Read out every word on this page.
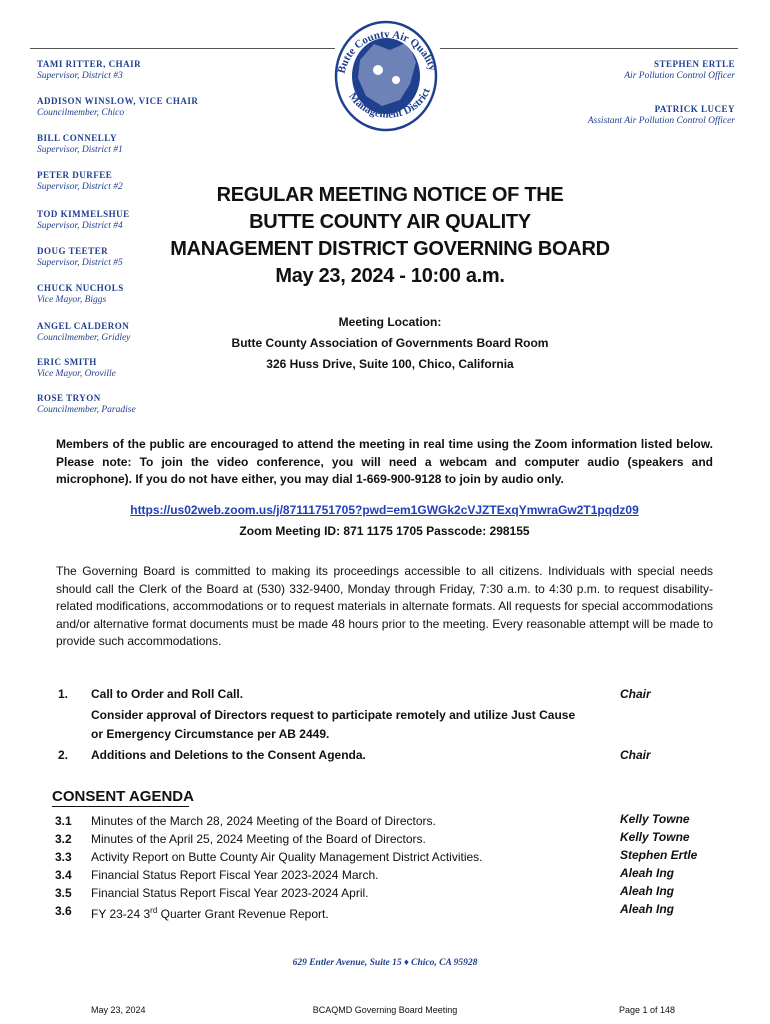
Butte County Air Quality
Management District
TAMI RITTER, CHAIR
Supervisor, District #3
ADDISON WINSLOW, VICE CHAIR
Councilmember, Chico
BILL CONNELLY
Supervisor, District #1
PETER DURFEE
Supervisor, District #2
TOD KIMMELSHUE
Supervisor, District #4
DOUG TEETER
Supervisor, District #5
CHUCK NUCHOLS
Vice Mayor, Biggs
ANGEL CALDERON
Councilmember, Gridley
ERIC SMITH
Vice Mayor, Oroville
ROSE TRYON
Councilmember, Paradise
STEPHEN ERTLE
Air Pollution Control Officer
PATRICK LUCEY
Assistant Air Pollution Control Officer
REGULAR MEETING NOTICE OF THE
BUTTE COUNTY AIR QUALITY
MANAGEMENT DISTRICT GOVERNING BOARD
May 23, 2024 - 10:00 a.m.
Meeting Location:
Butte County Association of Governments Board Room
326 Huss Drive, Suite 100, Chico, California
Members of the public are encouraged to attend the meeting in real time using the Zoom information listed below. Please note: To join the video conference, you will need a webcam and computer audio (speakers and microphone). If you do not have either, you may dial 1-669-900-9128 to join by audio only.
https://us02web.zoom.us/j/87111751705?pwd=em1GWGk2cVJZTExqYmwraGw2T1pqdz09
Zoom Meeting ID: 871 1175 1705 Passcode: 298155
The Governing Board is committed to making its proceedings accessible to all citizens. Individuals with special needs should call the Clerk of the Board at (530) 332-9400, Monday through Friday, 7:30 a.m. to 4:30 p.m. to request disability-related modifications, accommodations or to request materials in alternate formats. All requests for special accommodations and/or alternative format documents must be made 48 hours prior to the meeting. Every reasonable attempt will be made to provide such accommodations.
1. Call to Order and Roll Call.	Chair
Consider approval of Directors request to participate remotely and utilize Just Cause
or Emergency Circumstance per AB 2449.
2. Additions and Deletions to the Consent Agenda.	Chair
CONSENT AGENDA
3.1 Minutes of the March 28, 2024 Meeting of the Board of Directors.	Kelly Towne
3.2 Minutes of the April 25, 2024 Meeting of the Board of Directors.	Kelly Towne
3.3 Activity Report on Butte County Air Quality Management District Activities.	Stephen Ertle
3.4 Financial Status Report Fiscal Year 2023-2024 March.	Aleah Ing
3.5 Financial Status Report Fiscal Year 2023-2024 April.	Aleah Ing
3.6 FY 23-24 3rd Quarter Grant Revenue Report.	Aleah Ing
629 Entler Avenue, Suite 15 ♦ Chico, CA 95928
May 23, 2024	BCAQMD Governing Board Meeting	Page 1 of 148
